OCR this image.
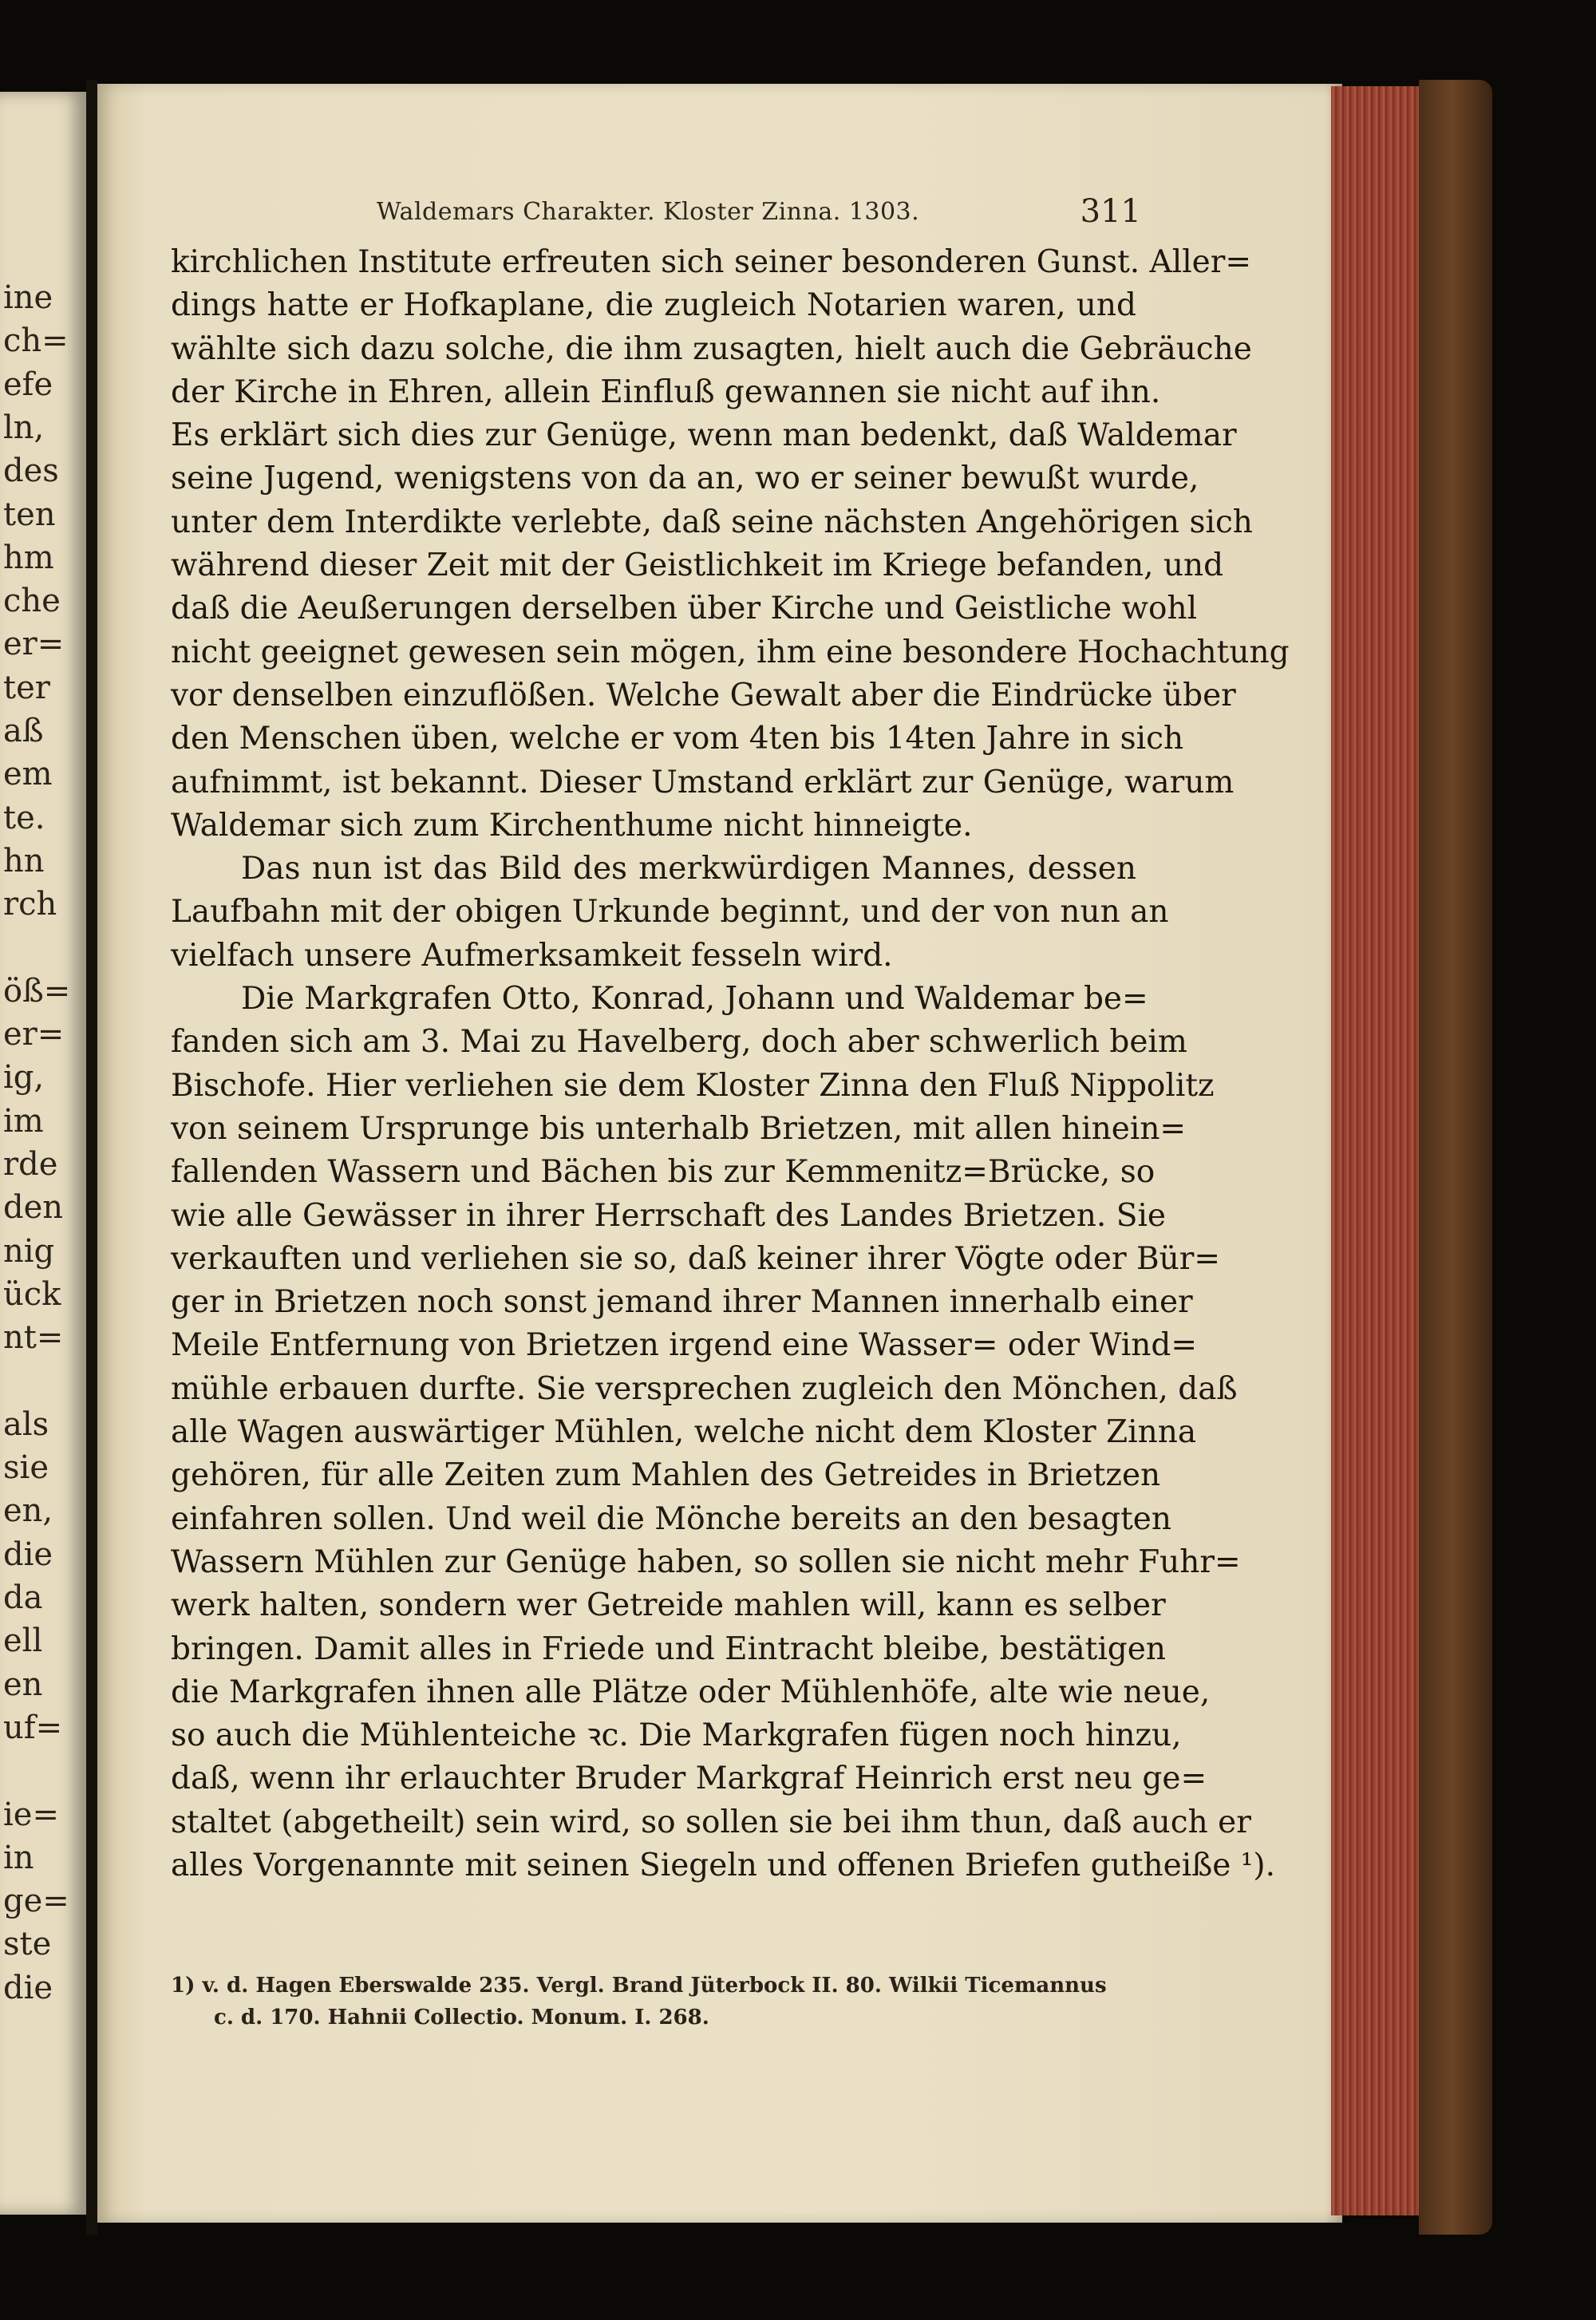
ine
ch=
efe
ln,
des
ten
hm
che
er=
ter
aß
em
te.
hn
rch
öß=
er=
ig,
im
rde
den
nig
ück
nt=
als
sie
en,
die
da
ell
en
uf=
ie=
in
ge=
ste
die
Waldemars Charakter. Kloster Zinna. 1303.	311
kirchlichen Institute erfreuten sich seiner besonderen Gunst. Aller=
dings hatte er Hofkaplane, die zugleich Notarien waren, und
wählte sich dazu solche, die ihm zusagten, hielt auch die Gebräuche
der Kirche in Ehren, allein Einfluß gewannen sie nicht auf ihn.
Es erklärt sich dies zur Genüge, wenn man bedenkt, daß Waldemar
seine Jugend, wenigstens von da an, wo er seiner bewußt wurde,
unter dem Interdikte verlebte, daß seine nächsten Angehörigen sich
während dieser Zeit mit der Geistlichkeit im Kriege befanden, und
daß die Aeußerungen derselben über Kirche und Geistliche wohl
nicht geeignet gewesen sein mögen, ihm eine besondere Hochachtung
vor denselben einzuflößen. Welche Gewalt aber die Eindrücke über
den Menschen üben, welche er vom 4ten bis 14ten Jahre in sich
aufnimmt, ist bekannt. Dieser Umstand erklärt zur Genüge, warum
Waldemar sich zum Kirchenthume nicht hinneigte.
Das nun ist das Bild des merkwürdigen Mannes, dessen
Laufbahn mit der obigen Urkunde beginnt, und der von nun an
vielfach unsere Aufmerksamkeit fesseln wird.
Die Markgrafen Otto, Konrad, Johann und Waldemar be=
fanden sich am 3. Mai zu Havelberg, doch aber schwerlich beim
Bischofe. Hier verliehen sie dem Kloster Zinna den Fluß Nippolitz
von seinem Ursprunge bis unterhalb Brietzen, mit allen hinein=
fallenden Wassern und Bächen bis zur Kemmenitz=Brücke, so
wie alle Gewässer in ihrer Herrschaft des Landes Brietzen. Sie
verkauften und verliehen sie so, daß keiner ihrer Vögte oder Bür=
ger in Brietzen noch sonst jemand ihrer Mannen innerhalb einer
Meile Entfernung von Brietzen irgend eine Wasser= oder Wind=
mühle erbauen durfte. Sie versprechen zugleich den Mönchen, daß
alle Wagen auswärtiger Mühlen, welche nicht dem Kloster Zinna
gehören, für alle Zeiten zum Mahlen des Getreides in Brietzen
einfahren sollen. Und weil die Mönche bereits an den besagten
Wassern Mühlen zur Genüge haben, so sollen sie nicht mehr Fuhr=
werk halten, sondern wer Getreide mahlen will, kann es selber
bringen. Damit alles in Friede und Eintracht bleibe, bestätigen
die Markgrafen ihnen alle Plätze oder Mühlenhöfe, alte wie neue,
so auch die Mühlenteiche ꝛc. Die Markgrafen fügen noch hinzu,
daß, wenn ihr erlauchter Bruder Markgraf Heinrich erst neu ge=
staltet (abgetheilt) sein wird, so sollen sie bei ihm thun, daß auch er
alles Vorgenannte mit seinen Siegeln und offenen Briefen gutheiße ¹).
1) v. d. Hagen Eberswalde 235. Vergl. Brand Jüterbock II. 80. Wilkii Ticemannus
c. d. 170. Hahnii Collectio. Monum. I. 268.
